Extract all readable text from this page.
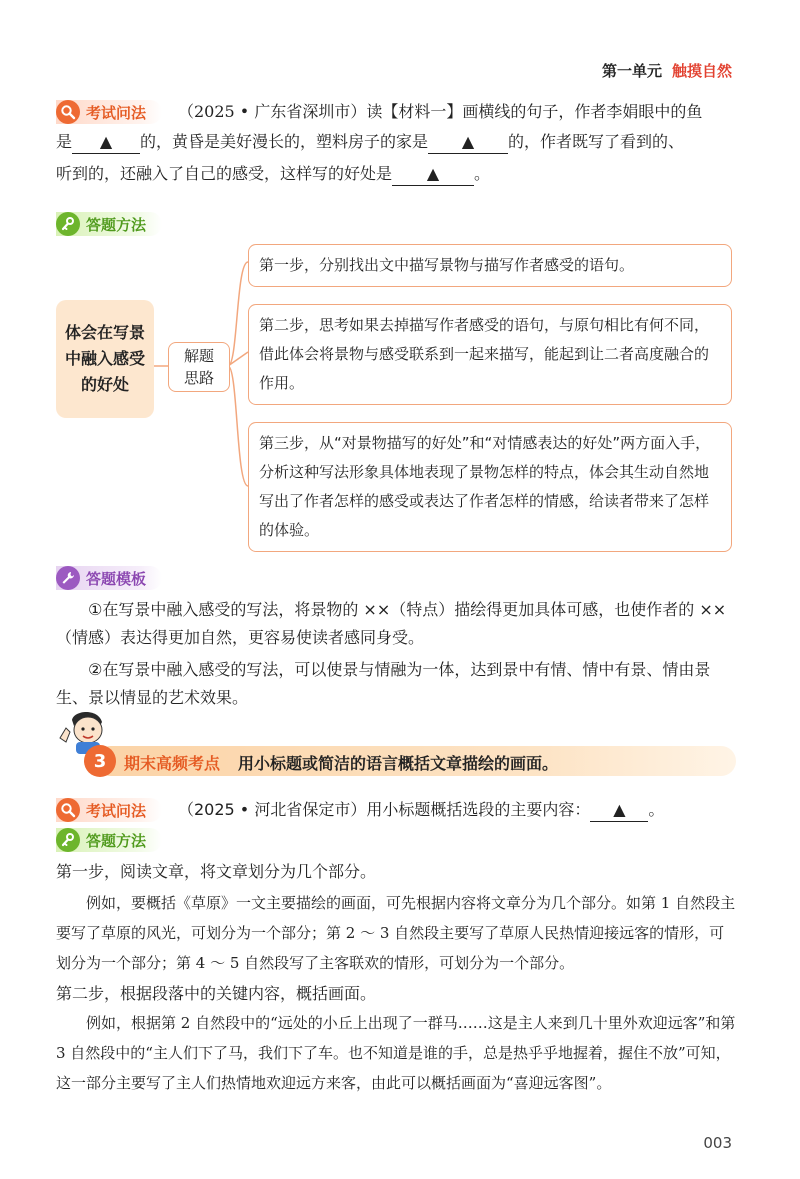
第一单元 触摸自然
考试问法 （2025 • 广东省深圳市）读【材料一】画横线的句子，作者李娟眼中的鱼
是 ▲ 的，黄昏是美好漫长的，塑料房子的家是 ▲ 的，作者既写了看到的、
听到的，还融入了自己的感受，这样写的好处是 ▲ 。
答题方法
体会在写景中融入感受的好处
解题思路
第一步，分别找出文中描写景物与描写作者感受的语句。
第二步，思考如果去掉描写作者感受的语句，与原句相比有何不同，借此体会将景物与感受联系到一起来描写，能起到让二者高度融合的作用。
第三步，从“对景物描写的好处”和“对情感表达的好处”两方面入手，分析这种写法形象具体地表现了景物怎样的特点，体会其生动自然地写出了作者怎样的感受或表达了作者怎样的情感，给读者带来了怎样的体验。
答题模板
①在写景中融入感受的写法，将景物的 ××（特点）描绘得更加具体可感，也使作者的 ××（情感）表达得更加自然，更容易使读者感同身受。
②在写景中融入感受的写法，可以使景与情融为一体，达到景中有情、情中有景、情由景生、景以情显的艺术效果。
3	期末高频考点 用小标题或简洁的语言概括文章描绘的画面。
考试问法 （2025 • 河北省保定市）用小标题概括选段的主要内容： ▲ 。
答题方法
第一步，阅读文章，将文章划分为几个部分。
例如，要概括《草原》一文主要描绘的画面，可先根据内容将文章分为几个部分。如第 1 自然段主要写了草原的风光，可划分为一个部分；第 2 ～ 3 自然段主要写了草原人民热情迎接远客的情形，可划分为一个部分；第 4 ～ 5 自然段写了主客联欢的情形，可划分为一个部分。
第二步，根据段落中的关键内容，概括画面。
例如，根据第 2 自然段中的“远处的小丘上出现了一群马……这是主人来到几十里外欢迎远客”和第 3 自然段中的“主人们下了马，我们下了车。也不知道是谁的手，总是热乎乎地握着，握住不放”可知，这一部分主要写了主人们热情地欢迎远方来客，由此可以概括画面为“喜迎远客图”。
003
